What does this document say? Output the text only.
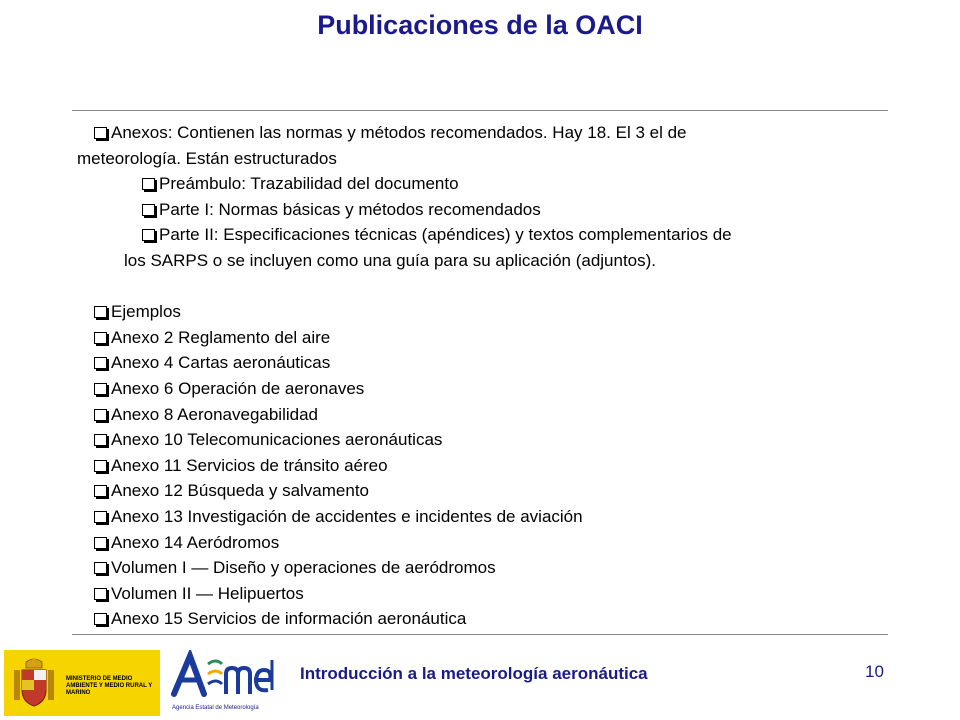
Publicaciones de la OACI
Anexos: Contienen las normas y métodos recomendados. Hay 18. El 3 el de
meteorología. Están estructurados
Preámbulo: Trazabilidad del documento
Parte I: Normas básicas y métodos recomendados
Parte II: Especificaciones técnicas (apéndices) y textos complementarios de
los SARPS o se incluyen como una guía para su aplicación (adjuntos).
Ejemplos
Anexo 2 Reglamento del aire
Anexo 4 Cartas aeronáuticas
Anexo 6 Operación de aeronaves
Anexo 8 Aeronavegabilidad
Anexo 10 Telecomunicaciones aeronáuticas
Anexo 11 Servicios de tránsito aéreo
Anexo 12 Búsqueda y salvamento
Anexo 13 Investigación de accidentes e incidentes de aviación
Anexo 14 Aeródromos
Volumen I — Diseño y operaciones de aeródromos
Volumen II — Helipuertos
Anexo 15 Servicios de información aeronáutica
MINISTERIO DE MEDIO AMBIENTE Y MEDIO RURAL Y MARINO
Agencia Estatal de Meteorología
Introducción a la meteorología aeronáutica	10
